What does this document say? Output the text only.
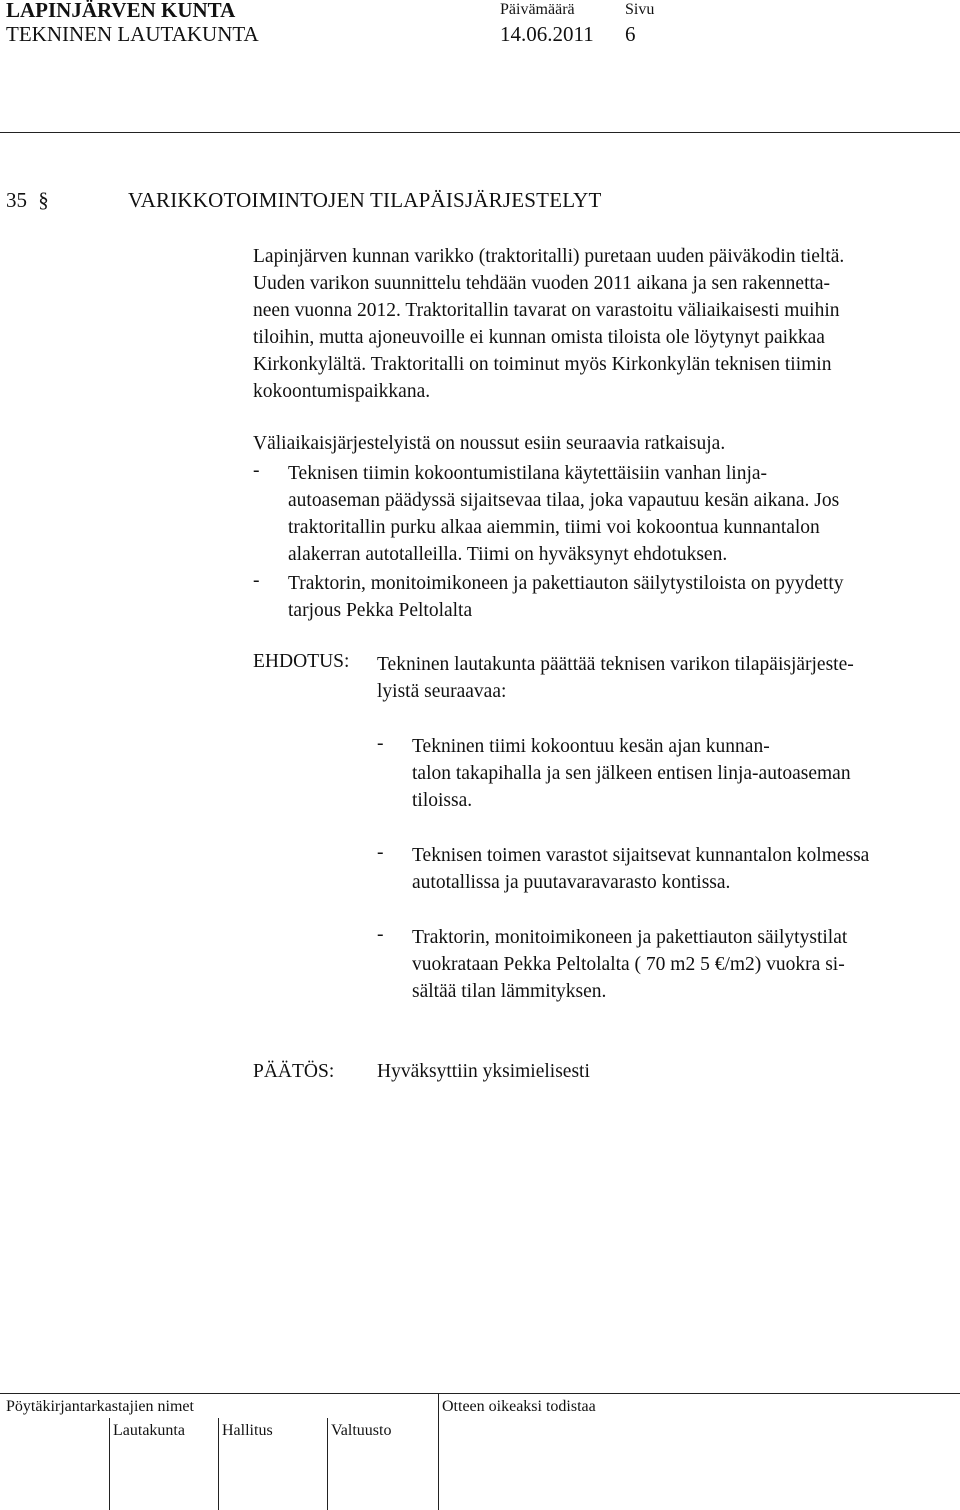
LAPINJÄRVEN KUNTA
TEKNINEN LAUTAKUNTA
Päivämäärä	Sivu
14.06.2011 6
35 §	VARIKKOTOIMINTOJEN TILAPÄISJÄRJESTELYT
Lapinjärven kunnan varikko (traktoritalli) puretaan uuden päiväkodin tieltä.
Uuden varikon suunnittelu tehdään vuoden 2011 aikana ja sen rakennetta-
neen vuonna 2012. Traktoritallin tavarat on varastoitu väliaikaisesti muihin
tiloihin, mutta ajoneuvoille ei kunnan omista tiloista ole löytynyt paikkaa
Kirkonkylältä. Traktoritalli on toiminut myös Kirkonkylän teknisen tiimin
kokoontumispaikkana.
Väliaikaisjärjestelyistä on noussut esiin seuraavia ratkaisuja.
- Teknisen tiimin kokoontumistilana käytettäisiin vanhan linja-
autoaseman päädyssä sijaitsevaa tilaa, joka vapautuu kesän aikana. Jos
traktoritallin purku alkaa aiemmin, tiimi voi kokoontua kunnantalon
alakerran autotalleilla. Tiimi on hyväksynyt ehdotuksen.
- Traktorin, monitoimikoneen ja pakettiauton säilytystiloista on pyydetty
tarjous Pekka Peltolalta
EHDOTUS: Tekninen lautakunta päättää teknisen varikon tilapäisjärjeste-
lyistä seuraavaa:
- Tekninen tiimi kokoontuu kesän ajan kunnan-
talon takapihalla ja sen jälkeen entisen linja-autoaseman
tiloissa.
- Teknisen toimen varastot sijaitsevat kunnantalon kolmessa
autotallissa ja puutavaravarasto kontissa.
- Traktorin, monitoimikoneen ja pakettiauton säilytystilat
vuokrataan Pekka Peltolalta ( 70 m2 5 €/m2) vuokra si-
sältää tilan lämmityksen.
PÄÄTÖS: Hyväksyttiin yksimielisesti
Pöytäkirjantarkastajien nimet	Otteen oikeaksi todistaa
Lautakunta Hallitus	Valtuusto
